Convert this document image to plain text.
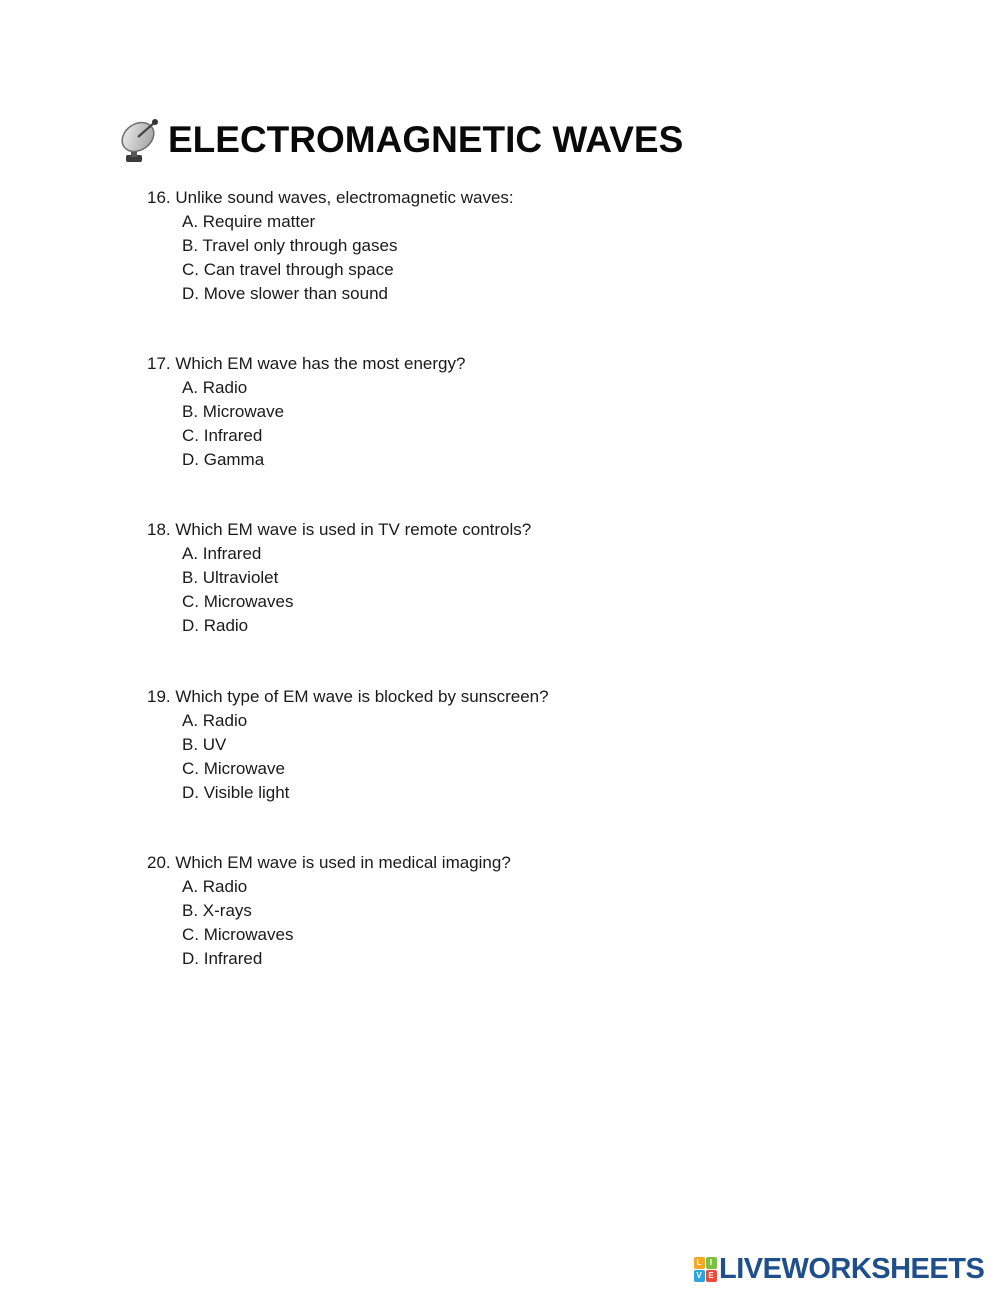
ELECTROMAGNETIC WAVES
16. Unlike sound waves, electromagnetic waves:
A. Require matter
B. Travel only through gases
C. Can travel through space
D. Move slower than sound
17. Which EM wave has the most energy?
A. Radio
B. Microwave
C. Infrared
D. Gamma
18. Which EM wave is used in TV remote controls?
A. Infrared
B. Ultraviolet
C. Microwaves
D. Radio
19. Which type of EM wave is blocked by sunscreen?
A. Radio
B. UV
C. Microwave
D. Visible light
20. Which EM wave is used in medical imaging?
A. Radio
B. X-rays
C. Microwaves
D. Infrared
L	I
V E LIVEWORKSHEETS
